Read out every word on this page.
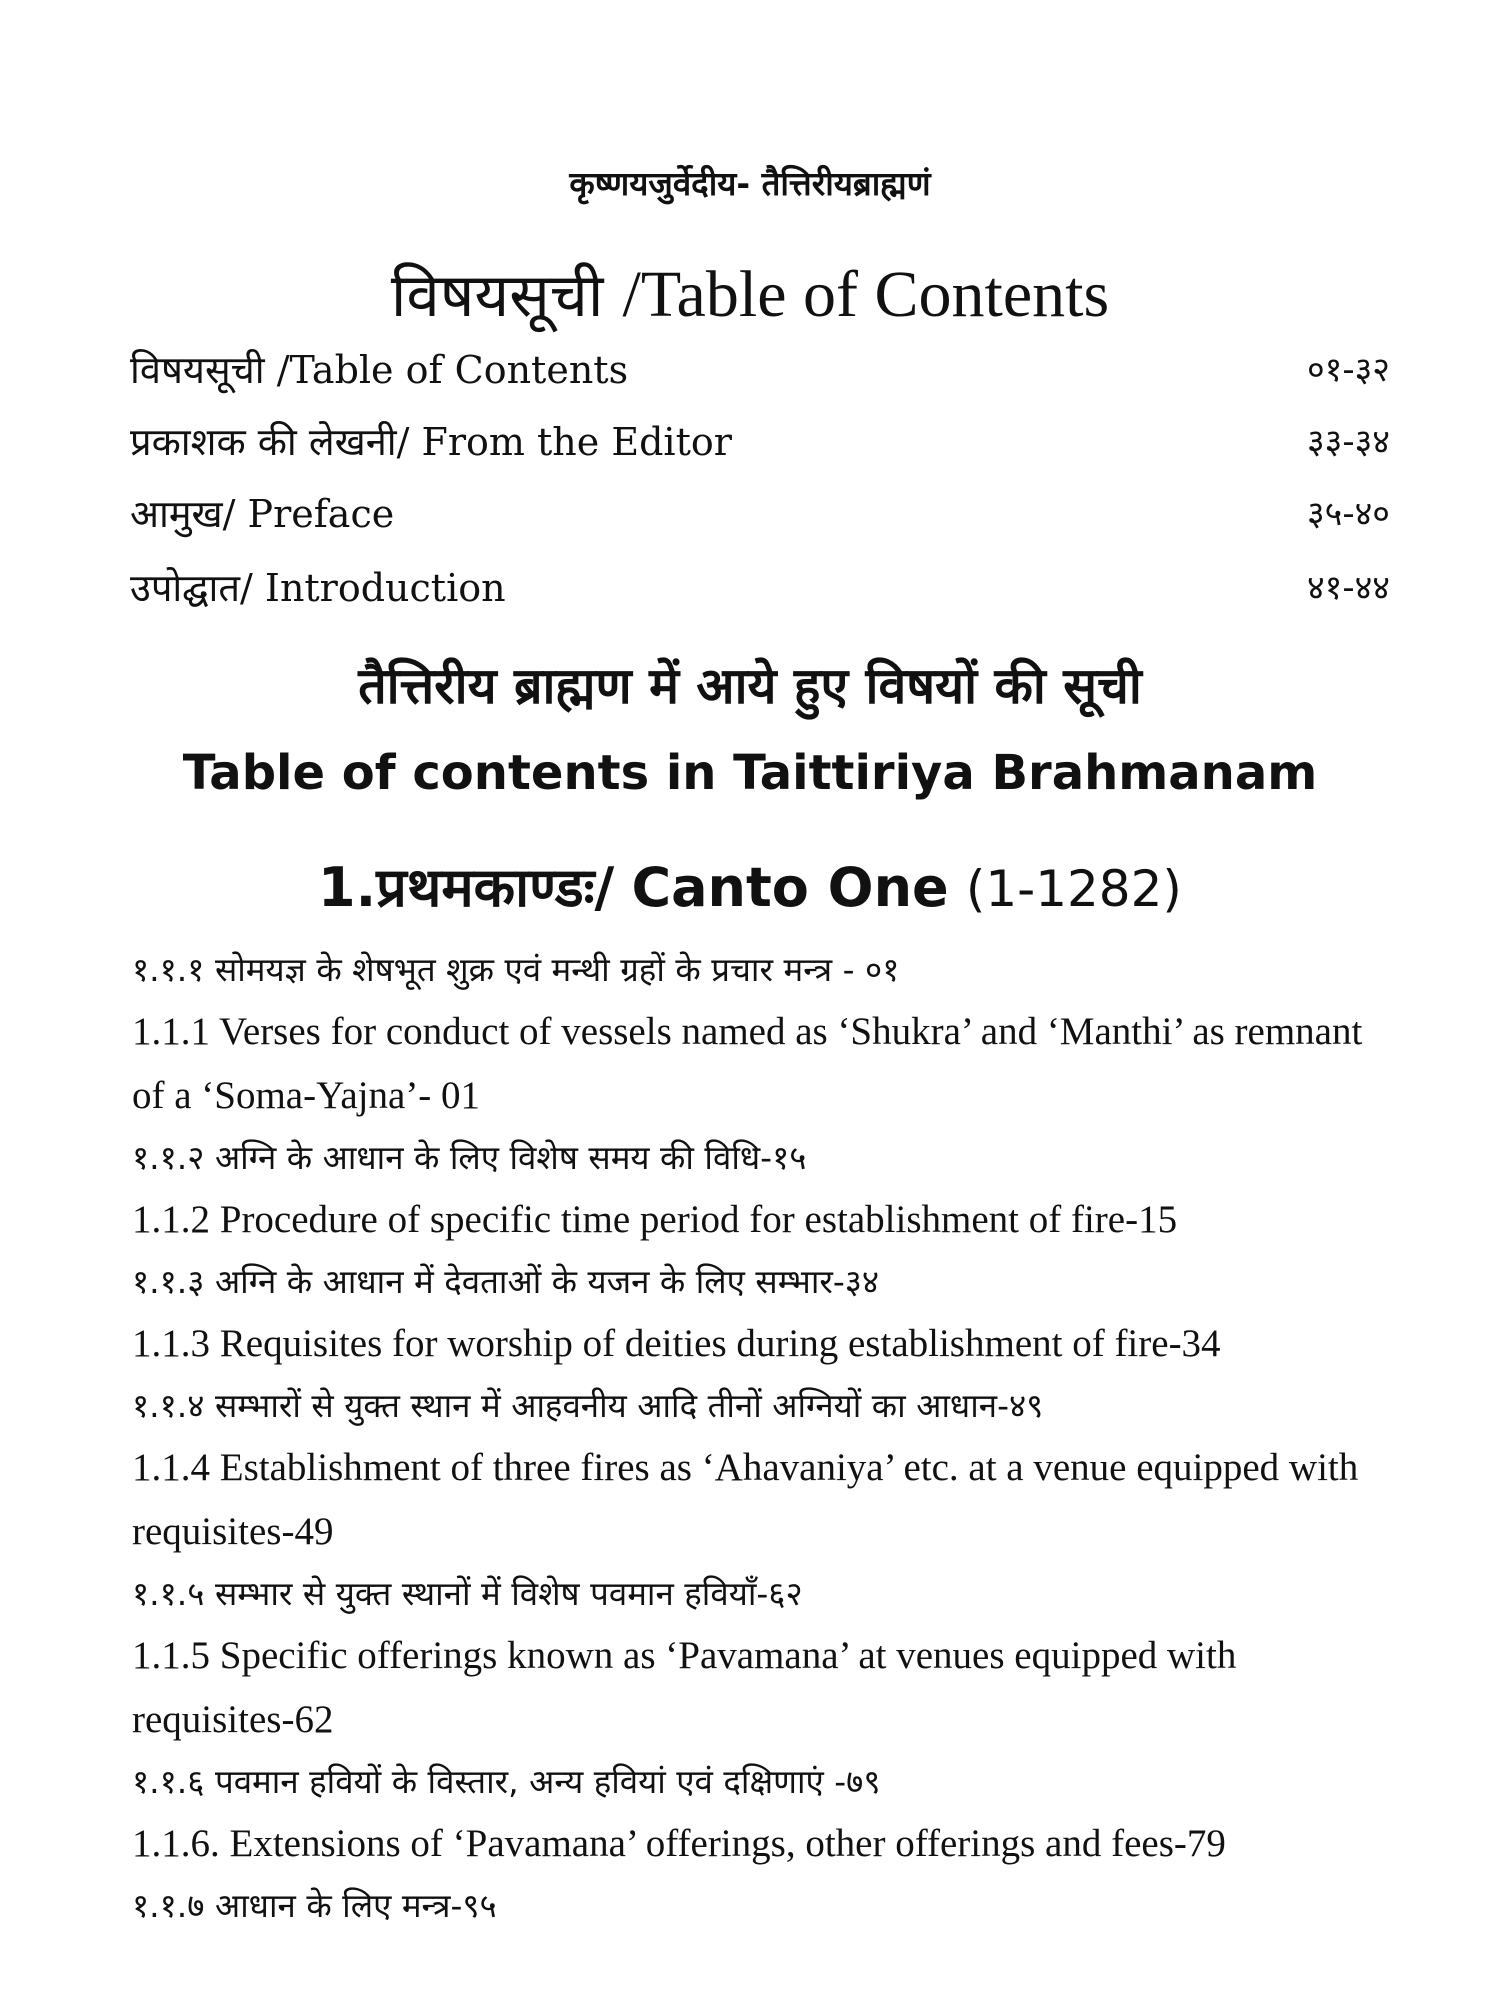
कृष्णयजुर्वेदीय- तैत्तिरीयब्राह्मणं
विषयसूची /Table of Contents
विषयसूची /Table of Contents	०१-३२
प्रकाशक की लेखनी/ From the Editor	३३-३४
आमुख/ Preface	३५-४०
उपोद्घात/ Introduction	४१-४४
तैत्तिरीय ब्राह्मण में आये हुए विषयों की सूची
Table of contents in Taittiriya Brahmanam
1.प्रथमकाण्डः/ Canto One (1-1282)
१.१.१ सोमयज्ञ के शेषभूत शुक्र एवं मन्थी ग्रहों के प्रचार मन्त्र - ०१
1.1.1 Verses for conduct of vessels named as ‘Shukra’ and ‘Manthi’ as remnant of a ‘Soma-Yajna’- 01
१.१.२ अग्नि के आधान के लिए विशेष समय की विधि-१५
1.1.2 Procedure of specific time period for establishment of fire-15
१.१.३ अग्नि के आधान में देवताओं के यजन के लिए सम्भार-३४
1.1.3 Requisites for worship of deities during establishment of fire-34
१.१.४ सम्भारों से युक्त स्थान में आहवनीय आदि तीनों अग्नियों का आधान-४९
1.1.4 Establishment of three fires as ‘Ahavaniya’ etc. at a venue equipped with requisites-49
१.१.५ सम्भार से युक्त स्थानों में विशेष पवमान हवियाँ-६२
1.1.5 Specific offerings known as ‘Pavamana’ at venues equipped with requisites-62
१.१.६ पवमान हवियों के विस्तार, अन्य हवियां एवं दक्षिणाएं -७९
1.1.6. Extensions of ‘Pavamana’ offerings, other offerings and fees-79
१.१.७ आधान के लिए मन्त्र-९५
